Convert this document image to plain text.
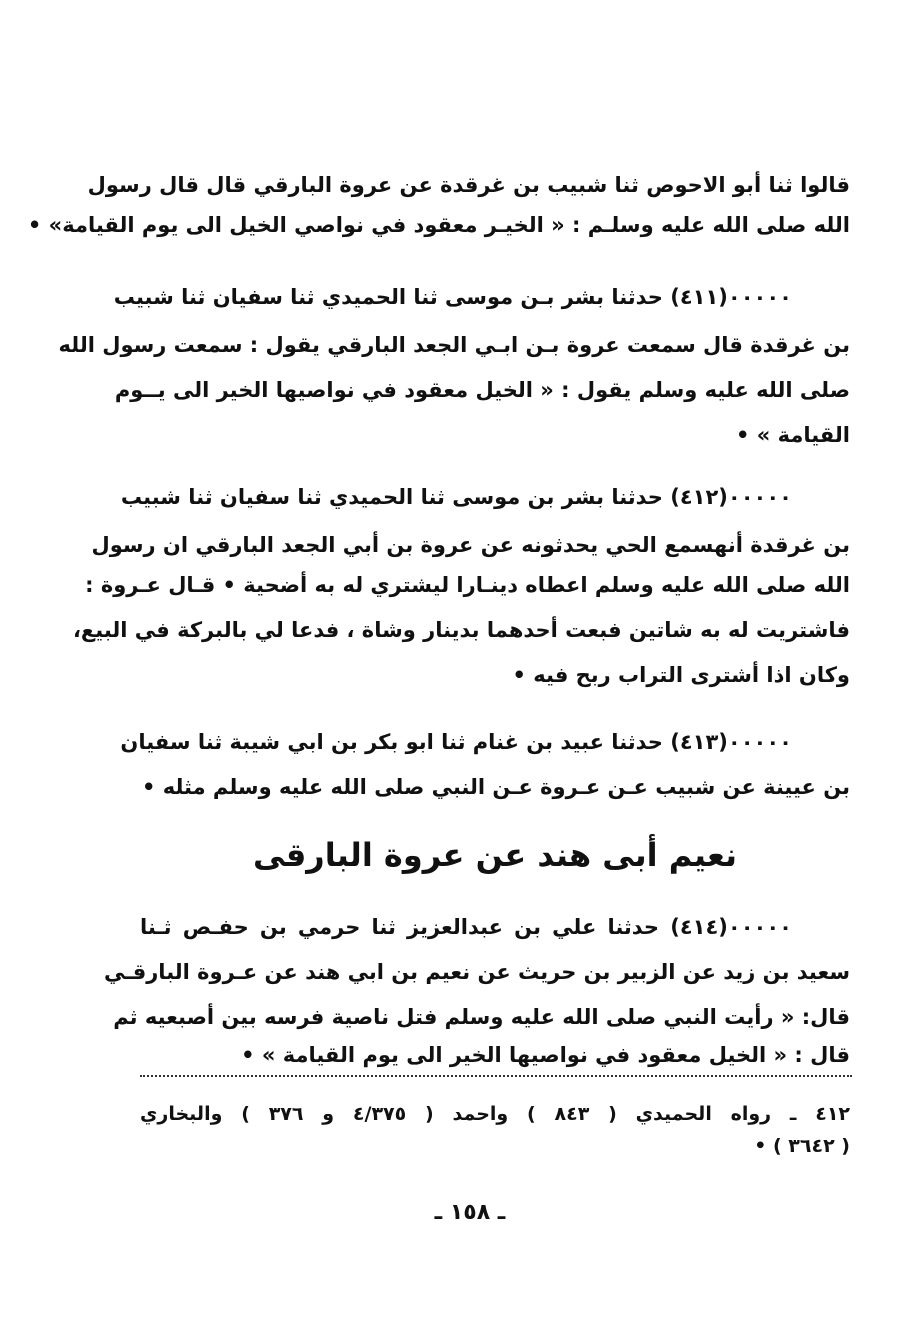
قالوا ثنا أبو الاحوص ثنا شبيب بن غرقدة عن عروة البارقي قال قال رسول
الله صلى الله عليه وسلـم : « الخيـر معقود في نواصي الخيل الى يوم القيامة» •
٠٠٠٠٠(٤١١) حدثنا بشر بـن موسى ثنا الحميدي ثنا سفيان ثنا شبيب
بن غرقدة قال سمعت عروة بـن ابـي الجعد البارقي يقول : سمعت رسول الله
صلى الله عليه وسلم يقول : « الخيل معقود في نواصيها الخير الى يــوم
القيامة » •
٠٠٠٠٠(٤١٢) حدثنا بشر بن موسى ثنا الحميدي ثنا سفيان ثنا شبيب
بن غرقدة أنهسمع الحي يحدثونه عن عروة بن أبي الجعد البارقي ان رسول
الله صلى الله عليه وسلم اعطاه دينـارا ليشتري له به أضحية • قـال عـروة :
فاشتريت له به شاتين فبعت أحدهما بدينار وشاة ، فدعا لي بالبركة في البيع،
وكان اذا أشترى التراب ربح فيه •
٠٠٠٠٠(٤١٣) حدثنا عبيد بن غنام ثنا ابو بكر بن ابي شيبة ثنا سفيان
بن عيينة عن شبيب عـن عـروة عـن النبي صلى الله عليه وسلم مثله •
نعيم أبى هند عن عروة البارقى
٠٠٠٠٠(٤١٤) حدثنا علي بن عبدالعزيز ثنا حرمي بن حفـص ثـنا
سعيد بن زيد عن الزبير بن حريث عن نعيم بن ابي هند عن عـروة البارقـي
قال: « رأيت النبي صلى الله عليه وسلم فتل ناصية فرسه بين أصبعيه ثم
قال : « الخيل معقود في نواصيها الخير الى يوم القيامة » •
٤١٢ ـ رواه الحميدي ( ٨٤٣ ) واحمد ( ٤/٣٧٥ و ٣٧٦ ) والبخاري
( ٣٦٤٢ ) •
ـ ١٥٨ ـ
